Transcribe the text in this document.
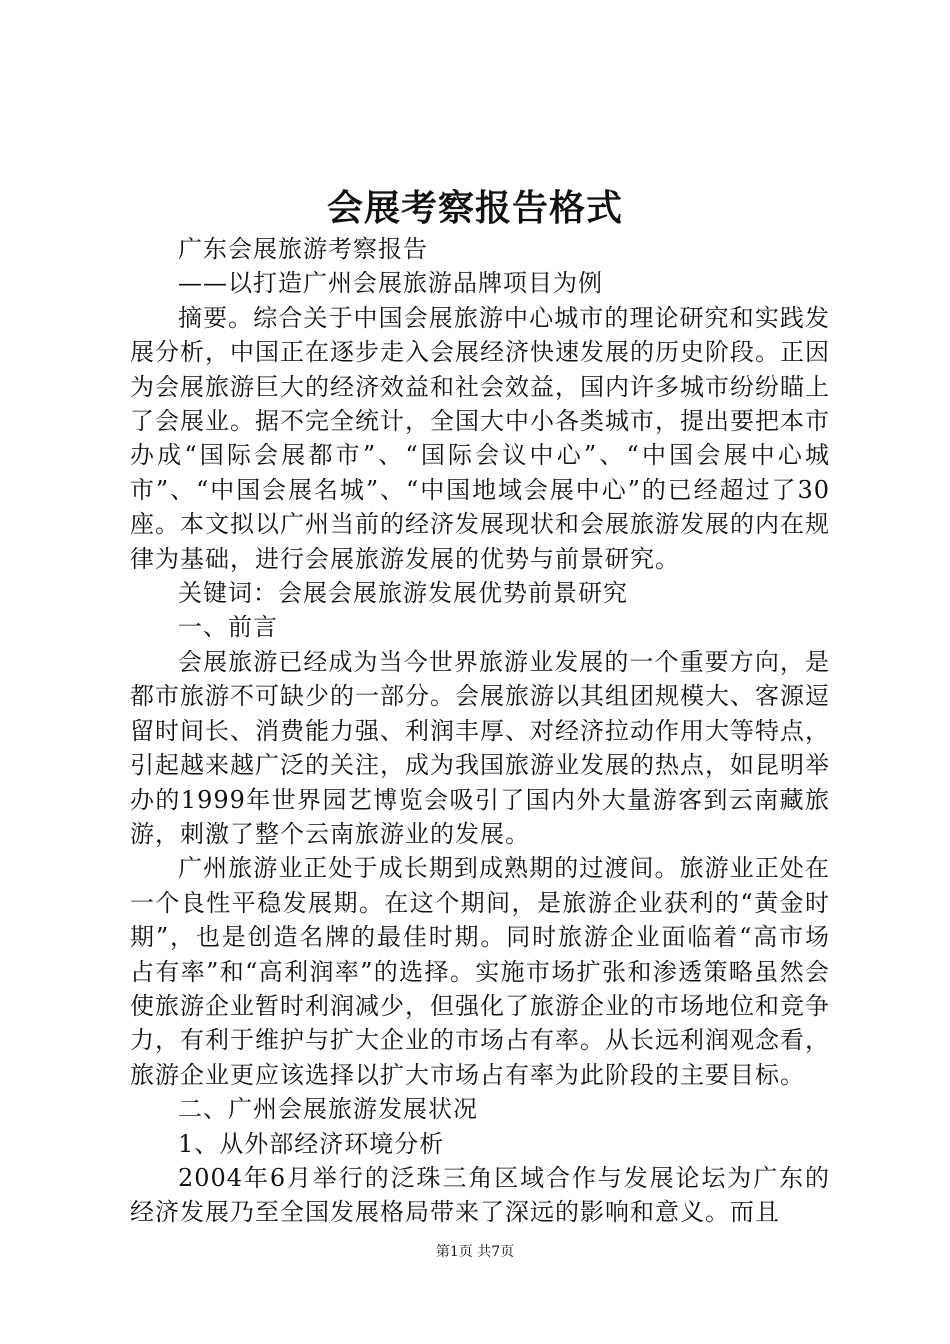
会展考察报告格式

广东会展旅游考察报告

——以打造广州会展旅游品牌项目为例

摘要。综合关于中国会展旅游中心城市的理论研究和实践发展分析，中国正在逐步走入会展经济快速发展的历史阶段。正因为会展旅游巨大的经济效益和社会效益，国内许多城市纷纷瞄上了会展业。据不完全统计，全国大中小各类城市，提出要把本市办成“国际会展都市”、“国际会议中心”、“中国会展中心城市”、“中国会展名城”、“中国地域会展中心”的已经超过了30座。本文拟以广州当前的经济发展现状和会展旅游发展的内在规律为基础，进行会展旅游发展的优势与前景研究。

关键词：会展会展旅游发展优势前景研究

一、前言

会展旅游已经成为当今世界旅游业发展的一个重要方向，是都市旅游不可缺少的一部分。会展旅游以其组团规模大、客源逗留时间长、消费能力强、利润丰厚、对经济拉动作用大等特点，引起越来越广泛的关注，成为我国旅游业发展的热点，如昆明举办的1999年世界园艺博览会吸引了国内外大量游客到云南藏旅游，刺激了整个云南旅游业的发展。

广州旅游业正处于成长期到成熟期的过渡间。旅游业正处在一个良性平稳发展期。在这个期间，是旅游企业获利的“黄金时期”，也是创造名牌的最佳时期。同时旅游企业面临着“高市场占有率”和“高利润率”的选择。实施市场扩张和渗透策略虽然会使旅游企业暂时利润减少，但强化了旅游企业的市场地位和竞争力，有利于维护与扩大企业的市场占有率。从长远利润观念看，旅游企业更应该选择以扩大市场占有率为此阶段的主要目标。

二、广州会展旅游发展状况

1、从外部经济环境分析

2004年6月举行的泛珠三角区域合作与发展论坛为广东的经济发展乃至全国发展格局带来了深远的影响和意义。而且

第1页 共7页
